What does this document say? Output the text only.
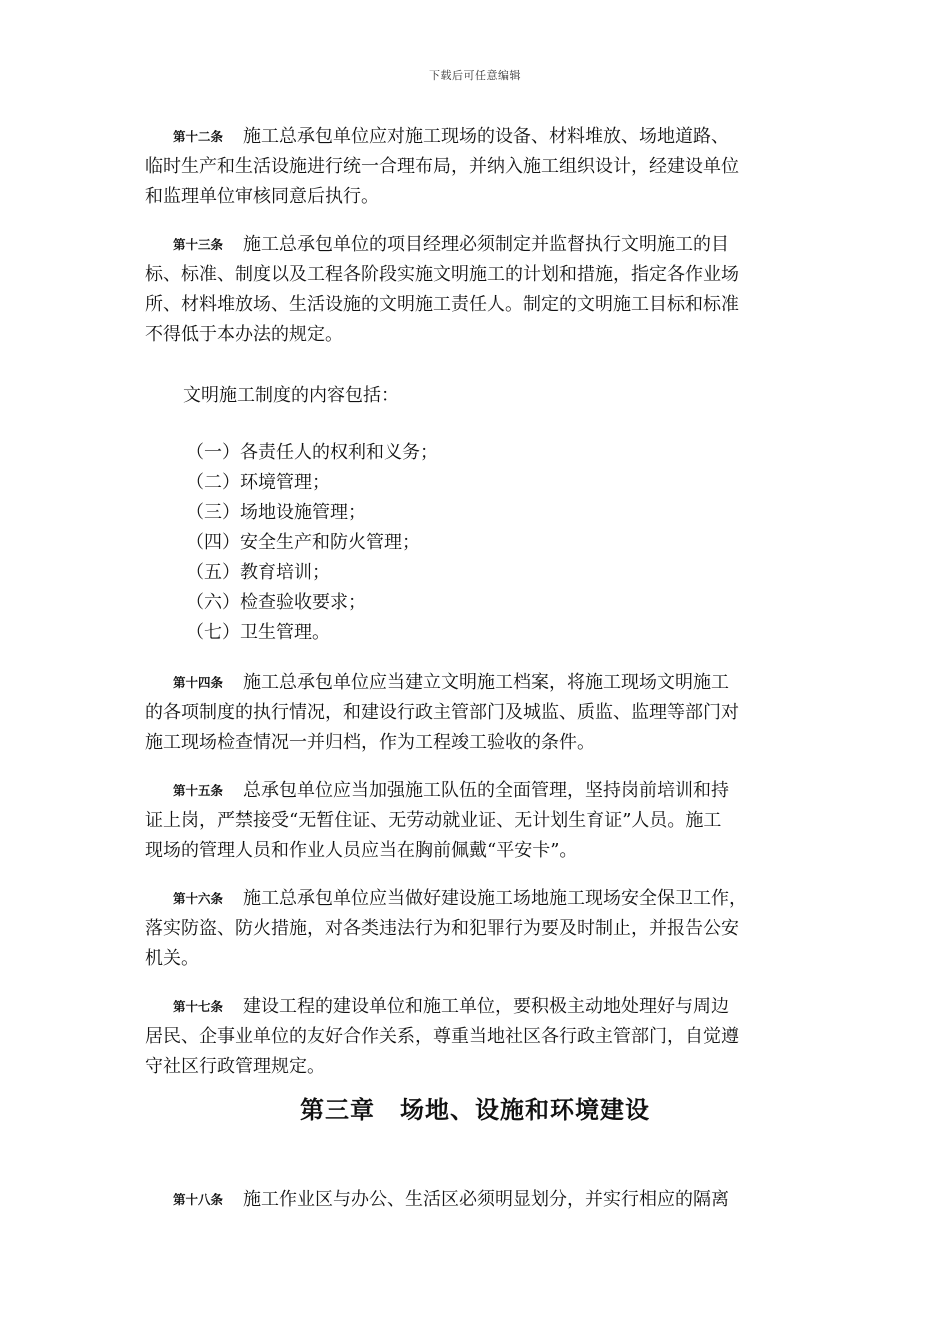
下载后可任意编辑
第十二条 施工总承包单位应对施工现场的设备、材料堆放、场地道路、
临时生产和生活设施进行统一合理布局，并纳入施工组织设计，经建设单位
和监理单位审核同意后执行。
第十三条 施工总承包单位的项目经理必须制定并监督执行文明施工的目
标、标准、制度以及工程各阶段实施文明施工的计划和措施，指定各作业场
所、材料堆放场、生活设施的文明施工责任人。制定的文明施工目标和标准
不得低于本办法的规定。
文明施工制度的内容包括：
（一）各责任人的权利和义务；
（二）环境管理；
（三）场地设施管理；
（四）安全生产和防火管理；
（五）教育培训；
（六）检查验收要求；
（七）卫生管理。
第十四条 施工总承包单位应当建立文明施工档案，将施工现场文明施工
的各项制度的执行情况，和建设行政主管部门及城监、质监、监理等部门对
施工现场检查情况一并归档，作为工程竣工验收的条件。
第十五条 总承包单位应当加强施工队伍的全面管理，坚持岗前培训和持
证上岗，严禁接受“无暂住证、无劳动就业证、无计划生育证”人员。施工
现场的管理人员和作业人员应当在胸前佩戴“平安卡”。
第十六条 施工总承包单位应当做好建设施工场地施工现场安全保卫工作，
落实防盗、防火措施，对各类违法行为和犯罪行为要及时制止，并报告公安
机关。
第十七条 建设工程的建设单位和施工单位，要积极主动地处理好与周边
居民、企事业单位的友好合作关系，尊重当地社区各行政主管部门，自觉遵
守社区行政管理规定。
第三章　场地、设施和环境建设
第十八条 施工作业区与办公、生活区必须明显划分，并实行相应的隔离
